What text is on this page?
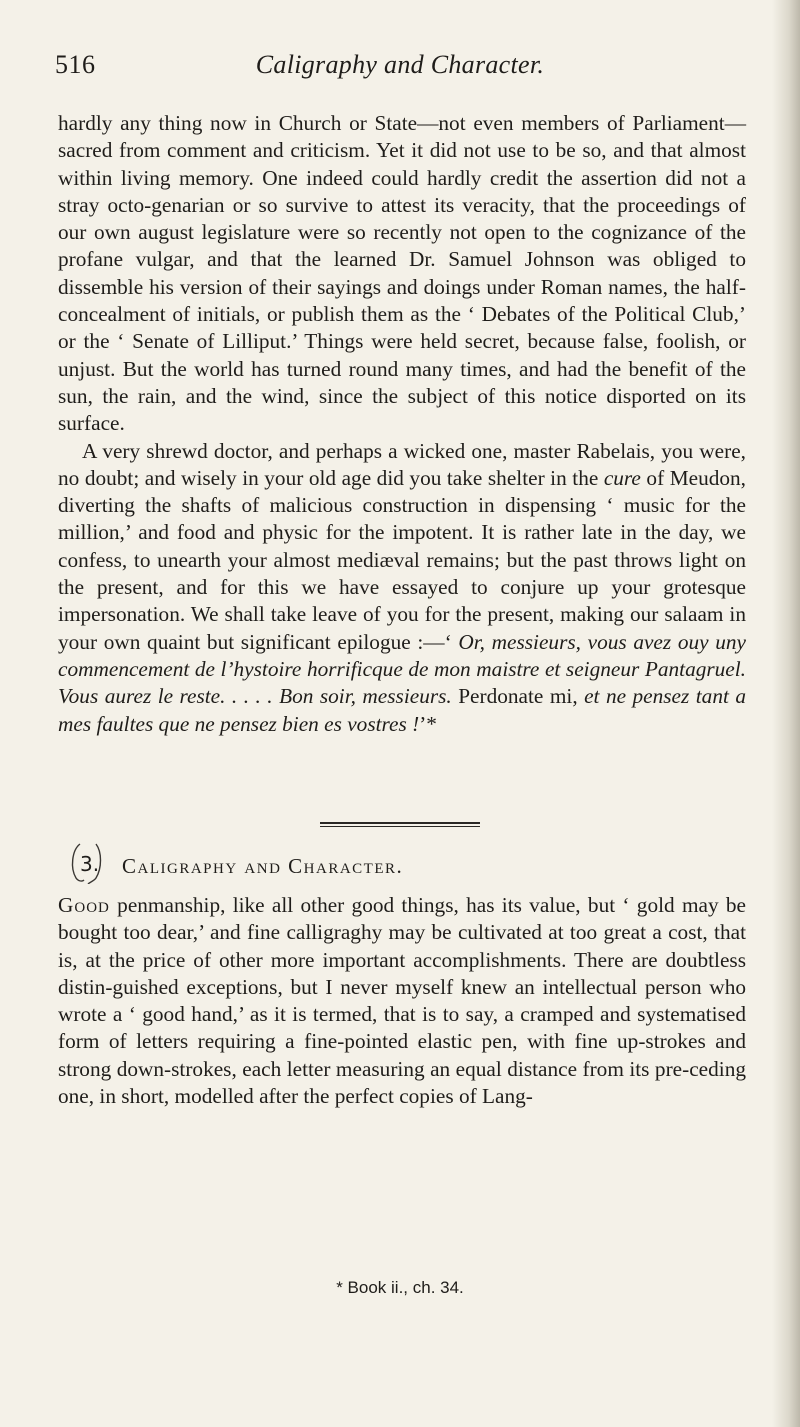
516	Caligraphy and Character.

hardly any thing now in Church or State—not even members of Parliament—sacred from comment and criticism. Yet it did not use to be so, and that almost within living memory. One indeed could hardly credit the assertion did not a stray octo-genarian or so survive to attest its veracity, that the proceedings of our own august legislature were so recently not open to the cognizance of the profane vulgar, and that the learned Dr. Samuel Johnson was obliged to dissemble his version of their sayings and doings under Roman names, the half-concealment of initials, or publish them as the ‘ Debates of the Political Club,’ or the ‘ Senate of Lilliput.’ Things were held secret, because false, foolish, or unjust. But the world has turned round many times, and had the benefit of the sun, the rain, and the wind, since the subject of this notice disported on its surface.

A very shrewd doctor, and perhaps a wicked one, master Rabelais, you were, no doubt; and wisely in your old age did you take shelter in the cure of Meudon, diverting the shafts of malicious construction in dispensing ‘ music for the million,’ and food and physic for the impotent. It is rather late in the day, we confess, to unearth your almost mediæval remains; but the past throws light on the present, and for this we have essayed to conjure up your grotesque impersonation. We shall take leave of you for the present, making our salaam in your own quaint but significant epilogue :—‘ Or, messieurs, vous avez ouy uny commencement de l’hystoire horrificque de mon maistre et seigneur Pantagruel. Vous aurez le reste. . . . . Bon soir, messieurs. Perdonate mi, et ne pensez tant a mes faultes que ne pensez bien es vostres !’*

3. Caligraphy and Character.

Good penmanship, like all other good things, has its value, but ‘ gold may be bought too dear,’ and fine calligraghy may be cultivated at too great a cost, that is, at the price of other more important accomplishments. There are doubtless distin-guished exceptions, but I never myself knew an intellectual person who wrote a ‘ good hand,’ as it is termed, that is to say, a cramped and systematised form of letters requiring a fine-pointed elastic pen, with fine up-strokes and strong down-strokes, each letter measuring an equal distance from its pre-ceding one, in short, modelled after the perfect copies of Lang-

* Book ii., ch. 34.
